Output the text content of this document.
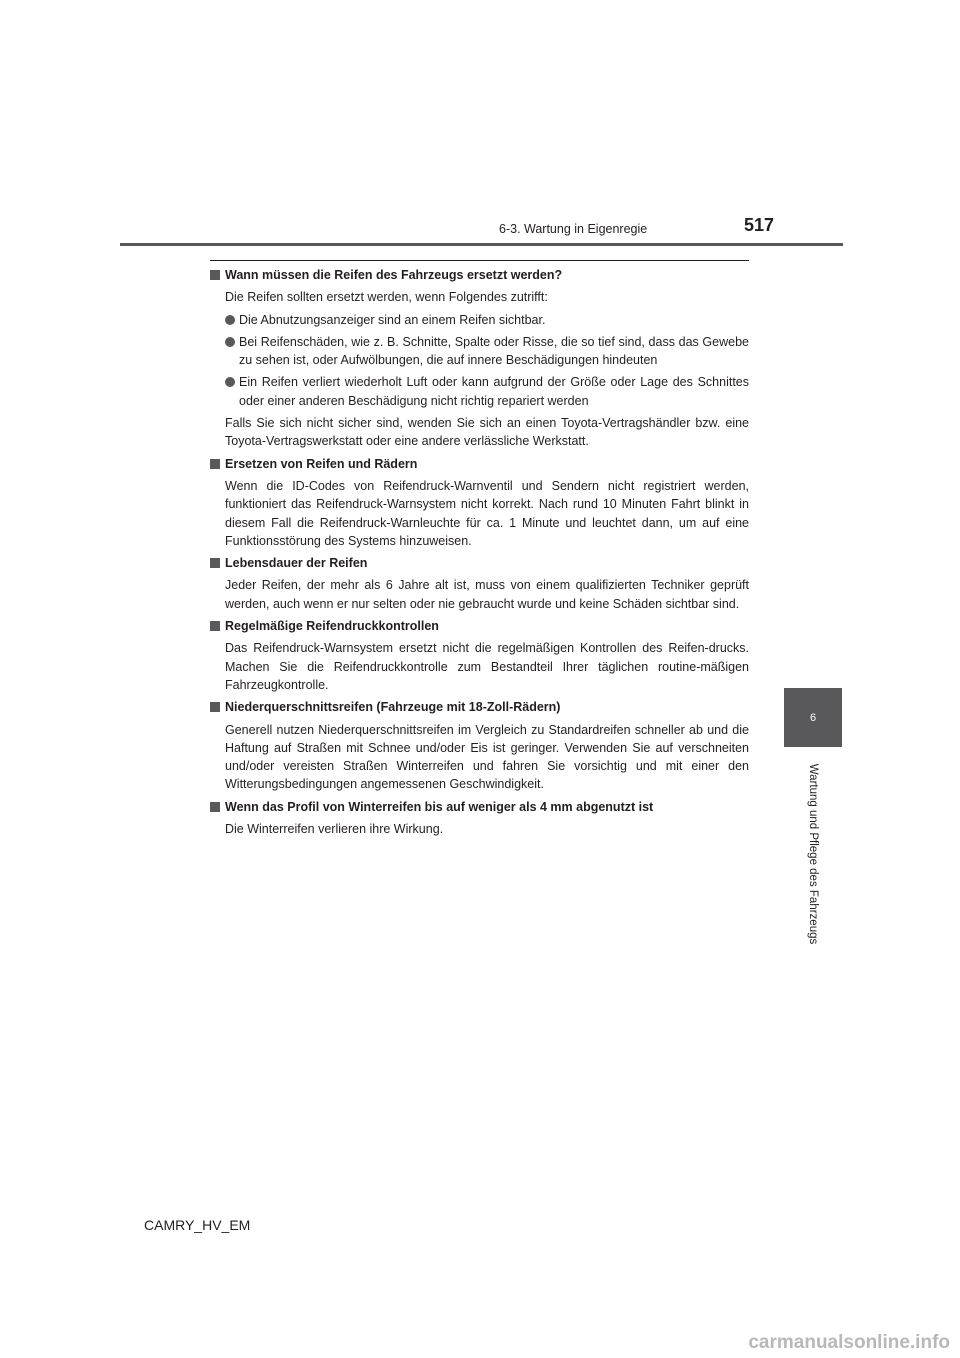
6-3. Wartung in Eigenregie	517
6
Wartung und Pflege des Fahrzeugs

Wann müssen die Reifen des Fahrzeugs ersetzt werden?

Die Reifen sollten ersetzt werden, wenn Folgendes zutrifft:

Die Abnutzungsanzeiger sind an einem Reifen sichtbar.

Bei Reifenschäden, wie z. B. Schnitte, Spalte oder Risse, die so tief sind, dass das Gewebe zu sehen ist, oder Aufwölbungen, die auf innere Beschädigungen hindeuten

Ein Reifen verliert wiederholt Luft oder kann aufgrund der Größe oder Lage des Schnittes oder einer anderen Beschädigung nicht richtig repariert werden

Falls Sie sich nicht sicher sind, wenden Sie sich an einen Toyota-Vertragshändler bzw. eine Toyota-Vertragswerkstatt oder eine andere verlässliche Werkstatt.

Ersetzen von Reifen und Rädern

Wenn die ID-Codes von Reifendruck-Warnventil und Sendern nicht registriert werden, funktioniert das Reifendruck-Warnsystem nicht korrekt. Nach rund 10 Minuten Fahrt blinkt in diesem Fall die Reifendruck-Warnleuchte für ca. 1 Minute und leuchtet dann, um auf eine Funktionsstörung des Systems hinzuweisen.

Lebensdauer der Reifen

Jeder Reifen, der mehr als 6 Jahre alt ist, muss von einem qualifizierten Techniker geprüft werden, auch wenn er nur selten oder nie gebraucht wurde und keine Schäden sichtbar sind.

Regelmäßige Reifendruckkontrollen

Das Reifendruck-Warnsystem ersetzt nicht die regelmäßigen Kontrollen des Reifen-drucks. Machen Sie die Reifendruckkontrolle zum Bestandteil Ihrer täglichen routine-mäßigen Fahrzeugkontrolle.

Niederquerschnittsreifen (Fahrzeuge mit 18-Zoll-Rädern)

Generell nutzen Niederquerschnittsreifen im Vergleich zu Standardreifen schneller ab und die Haftung auf Straßen mit Schnee und/oder Eis ist geringer. Verwenden Sie auf verschneiten und/oder vereisten Straßen Winterreifen und fahren Sie vorsichtig und mit einer den Witterungsbedingungen angemessenen Geschwindigkeit.

Wenn das Profil von Winterreifen bis auf weniger als 4 mm abgenutzt ist

Die Winterreifen verlieren ihre Wirkung.

CAMRY_HV_EM
carmanualsonline.info
